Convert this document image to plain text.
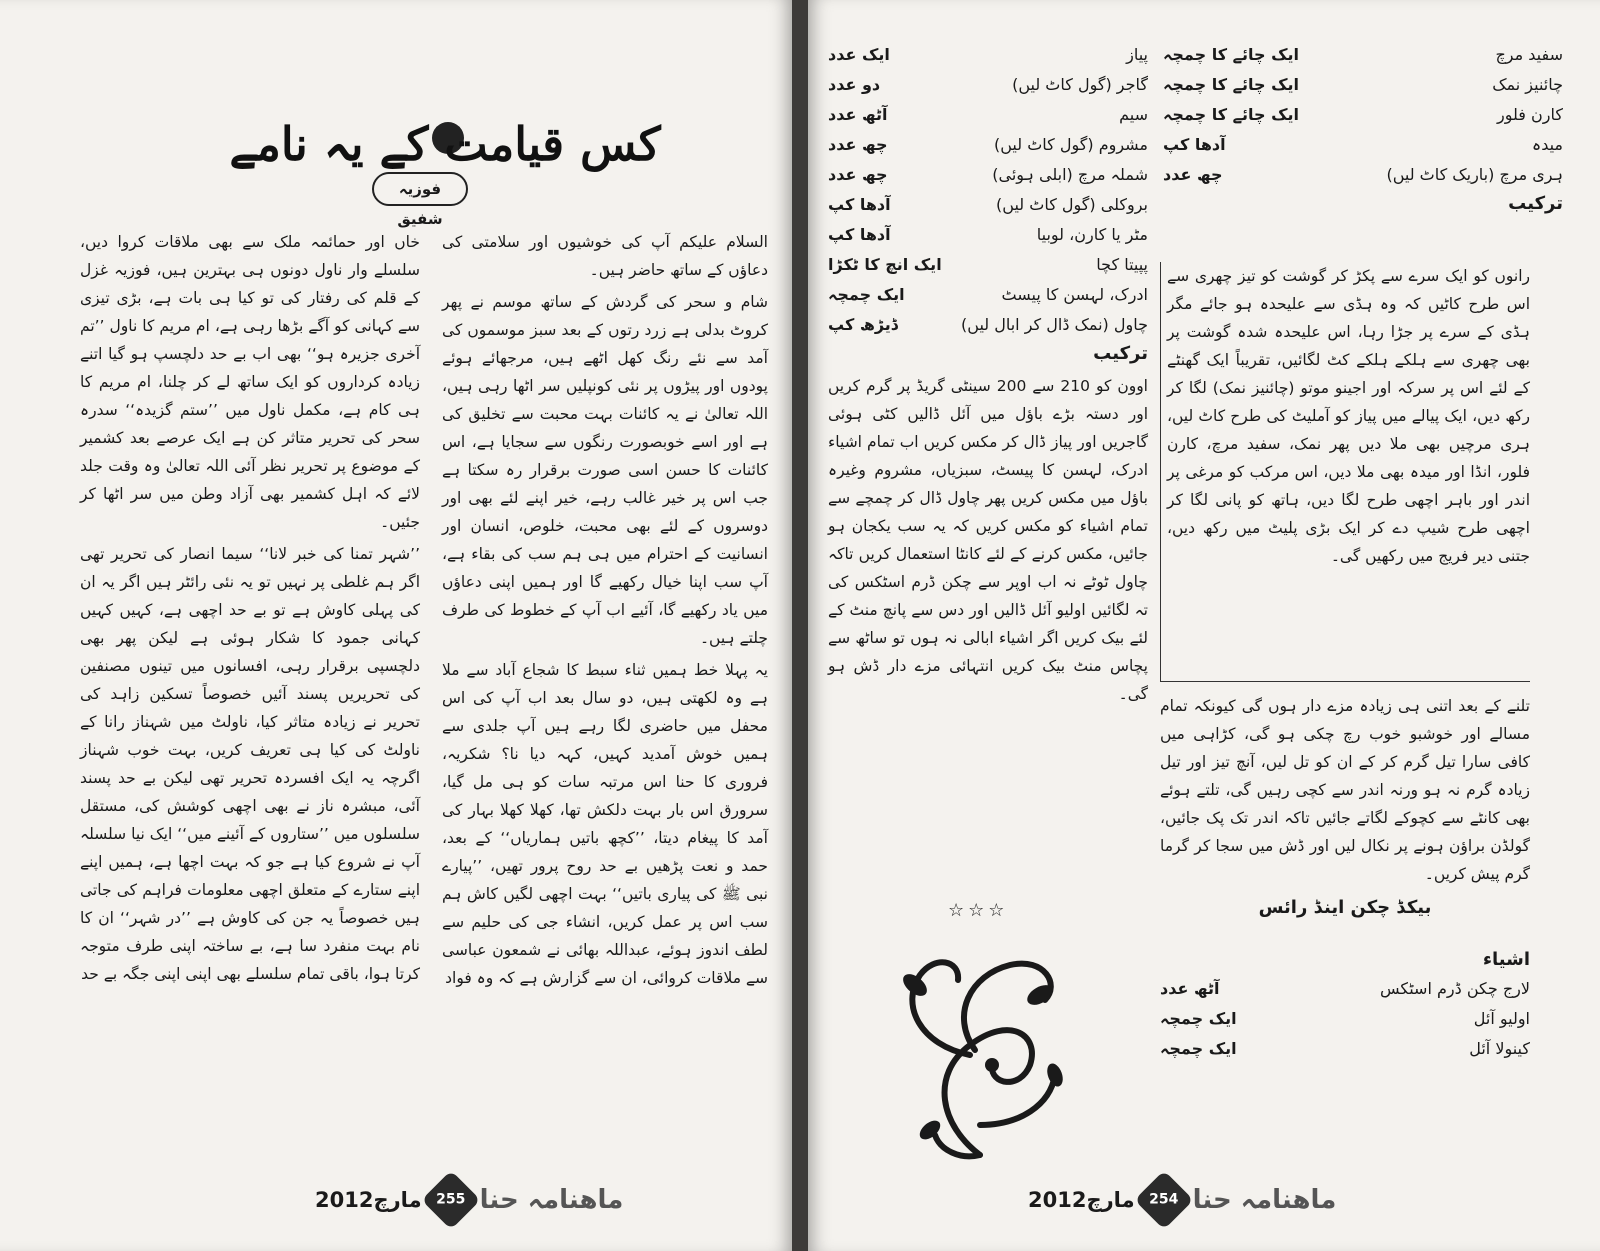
کس قیامت کے یہ نامے
فوزیہ شفیق

السلام علیکم آپ کی خوشیوں اور سلامتی کی دعاؤں کے ساتھ حاضر ہیں۔

شام و سحر کی گردش کے ساتھ موسم نے پھر کروٹ بدلی ہے زرد رتوں کے بعد سبز موسموں کی آمد سے نئے رنگ کھل اٹھے ہیں، مرجھائے ہوئے پودوں اور پیڑوں پر نئی کونپلیں سر اٹھا رہی ہیں، اللہ تعالیٰ نے یہ کائنات بہت محبت سے تخلیق کی ہے اور اسے خوبصورت رنگوں سے سجایا ہے، اس کائنات کا حسن اسی صورت برقرار رہ سکتا ہے جب اس پر خیر غالب رہے، خیر اپنے لئے بھی اور دوسروں کے لئے بھی محبت، خلوص، انسان اور انسانیت کے احترام میں ہی ہم سب کی بقاء ہے، آپ سب اپنا خیال رکھیے گا اور ہمیں اپنی دعاؤں میں یاد رکھیے گا، آئیے اب آپ کے خطوط کی طرف چلتے ہیں۔

یہ پہلا خط ہمیں ثناء سبط کا شجاع آباد سے ملا ہے وہ لکھتی ہیں، دو سال بعد اب آپ کی اس محفل میں حاضری لگا رہے ہیں آپ جلدی سے ہمیں خوش آمدید کہیں، کہہ دیا نا؟ شکریہ، فروری کا حنا اس مرتبہ سات کو ہی مل گیا، سرورق اس بار بہت دلکش تھا، کھلا کھلا بہار کی آمد کا پیغام دیتا، ’’کچھ باتیں ہماریاں‘‘ کے بعد، حمد و نعت پڑھیں بے حد روح پرور تھیں، ’’پیارے نبی ﷺ کی پیاری باتیں‘‘ بہت اچھی لگیں کاش ہم سب اس پر عمل کریں، انشاء جی کی حلیم سے لطف اندوز ہوئے، عبداللہ بھائی نے شمعون عباسی سے ملاقات کروائی، ان سے گزارش ہے کہ وہ فواد

خاں اور حمائمہ ملک سے بھی ملاقات کروا دیں، سلسلے وار ناول دونوں ہی بہترین ہیں، فوزیہ غزل کے قلم کی رفتار کی تو کیا ہی بات ہے، بڑی تیزی سے کہانی کو آگے بڑھا رہی ہے، ام مریم کا ناول ’’تم آخری جزیرہ ہو‘‘ بھی اب بے حد دلچسپ ہو گیا اتنے زیادہ کرداروں کو ایک ساتھ لے کر چلنا، ام مریم کا ہی کام ہے، مکمل ناول میں ’’ستم گزیدہ‘‘ سدرہ سحر کی تحریر متاثر کن ہے ایک عرصے بعد کشمیر کے موضوع پر تحریر نظر آئی اللہ تعالیٰ وہ وقت جلد لائے کہ اہل کشمیر بھی آزاد وطن میں سر اٹھا کر جئیں۔

’’شہر تمنا کی خبر لانا‘‘ سیما انصار کی تحریر تھی اگر ہم غلطی پر نہیں تو یہ نئی رائٹر ہیں اگر یہ ان کی پہلی کاوش ہے تو بے حد اچھی ہے، کہیں کہیں کہانی جمود کا شکار ہوئی ہے لیکن پھر بھی دلچسپی برقرار رہی، افسانوں میں تینوں مصنفین کی تحریریں پسند آئیں خصوصاً تسکین زاہد کی تحریر نے زیادہ متاثر کیا، ناولٹ میں شہناز رانا کے ناولٹ کی کیا ہی تعریف کریں، بہت خوب شہناز اگرچہ یہ ایک افسردہ تحریر تھی لیکن بے حد پسند آئی، مبشرہ ناز نے بھی اچھی کوشش کی، مستقل سلسلوں میں ’’ستاروں کے آئینے میں‘‘ ایک نیا سلسلہ آپ نے شروع کیا ہے جو کہ بہت اچھا ہے، ہمیں اپنے اپنے ستارے کے متعلق اچھی معلومات فراہم کی جاتی ہیں خصوصاً یہ جن کی کاوش ہے ’’در شہر‘‘ ان کا نام بہت منفرد سا ہے، بے ساختہ اپنی طرف متوجہ کرتا ہوا، باقی تمام سلسلے بھی اپنی اپنی جگہ بے حد

مارچ2012 255 ماھنامہ حنا
سفید مرچ
ایک چائے کا چمچہ
چائنیز نمک
ایک چائے کا چمچہ
کارن فلور
ایک چائے کا چمچہ
میدہ
آدھا کپ
ہری مرچ (باریک کاٹ لیں)
چھ عدد
ترکیب

رانوں کو ایک سرے سے پکڑ کر گوشت کو تیز چھری سے اس طرح کاٹیں کہ وہ ہڈی سے علیحدہ ہو جائے مگر ہڈی کے سرے پر جڑا رہا، اس علیحدہ شدہ گوشت پر بھی چھری سے ہلکے ہلکے کٹ لگائیں، تقریباً ایک گھنٹے کے لئے اس پر سرکہ اور اجینو موتو (چائنیز نمک) لگا کر رکھ دیں، ایک پیالے میں پیاز کو آملیٹ کی طرح کاٹ لیں، ہری مرچیں بھی ملا دیں پھر نمک، سفید مرچ، کارن فلور، انڈا اور میدہ بھی ملا دیں، اس مرکب کو مرغی پر اندر اور باہر اچھی طرح لگا دیں، ہاتھ کو پانی لگا کر اچھی طرح شیپ دے کر ایک بڑی پلیٹ میں رکھ دیں، جتنی دیر فریج میں رکھیں گی۔

تلنے کے بعد اتنی ہی زیادہ مزے دار ہوں گی کیونکہ تمام مسالے اور خوشبو خوب رچ چکی ہو گی، کڑاہی میں کافی سارا تیل گرم کر کے ان کو تل لیں، آنچ تیز اور تیل زیادہ گرم نہ ہو ورنہ اندر سے کچی رہیں گی، تلتے ہوئے بھی کانٹے سے کچوکے لگاتے جائیں تاکہ اندر تک پک جائیں، گولڈن براؤن ہونے پر نکال لیں اور ڈش میں سجا کر گرما گرم پیش کریں۔

بیکڈ چکن اینڈ رائس
اشیاء
لارج چکن ڈرم اسٹکس
آٹھ عدد
اولیو آئل
ایک چمچہ
کینولا آئل
ایک چمچہ
پیاز
ایک عدد
گاجر (گول کاٹ لیں)
دو عدد
سیم
آٹھ عدد
مشروم (گول کاٹ لیں)
چھ عدد
شملہ مرچ (ابلی ہوئی)
چھ عدد
بروکلی (گول کاٹ لیں)
آدھا کپ
مٹر یا کارن، لوبیا
آدھا کپ
پپیتا کچا
ایک انچ کا ٹکڑا
ادرک، لہسن کا پیسٹ
ایک چمچہ
چاول (نمک ڈال کر ابال لیں)
ڈیڑھ کپ
ترکیب

اوون کو 210 سے 200 سینٹی گریڈ پر گرم کریں اور دستہ بڑے باؤل میں آئل ڈالیں کٹی ہوئی گاجریں اور پیاز ڈال کر مکس کریں اب تمام اشیاء ادرک، لہسن کا پیسٹ، سبزیاں، مشروم وغیرہ باؤل میں مکس کریں پھر چاول ڈال کر چمچے سے تمام اشیاء کو مکس کریں کہ یہ سب یکجان ہو جائیں، مکس کرنے کے لئے کانٹا استعمال کریں تاکہ چاول ٹوٹے نہ اب اوپر سے چکن ڈرم اسٹکس کی تہ لگائیں اولیو آئل ڈالیں اور دس سے پانچ منٹ کے لئے بیک کریں اگر اشیاء ابالی نہ ہوں تو ساٹھ سے پچاس منٹ بیک کریں انتہائی مزے دار ڈش ہو گی۔

☆☆☆
مارچ2012 254 ماھنامہ حنا
